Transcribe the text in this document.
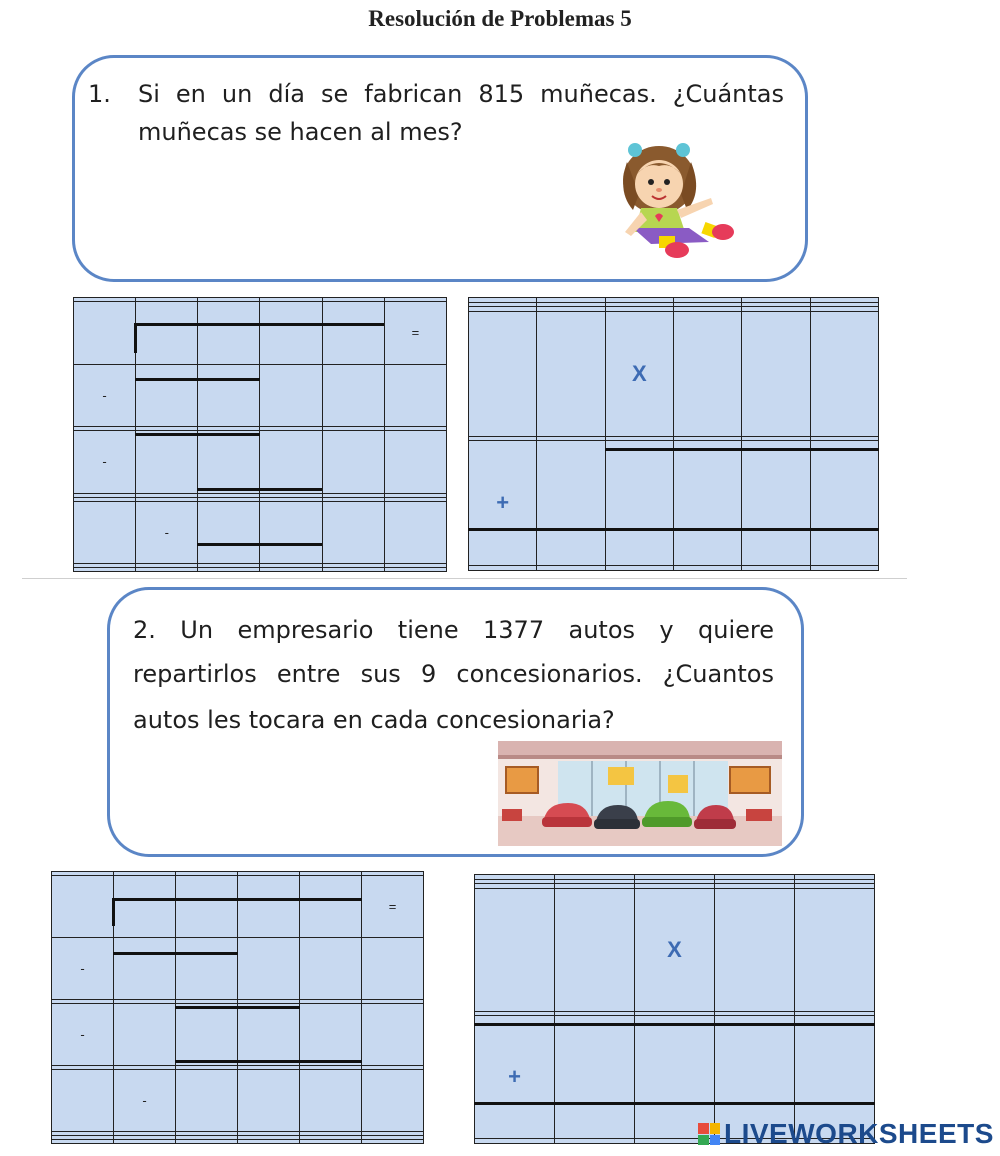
Resolución de Problemas 5
1. Si en un día se fabrican 815 muñecas. ¿Cuántas
muñecas se hacen al mes?

					=
-					

-					

	-				

		X			

+					

2. Un empresario tiene 1377 autos y quiere
repartirlos entre sus 9 concesionarios. ¿Cuantos
autos les tocara en cada concesionaria?

					=
-					

-					

	-				

		X		

+				

LIVEWORKSHEETS
